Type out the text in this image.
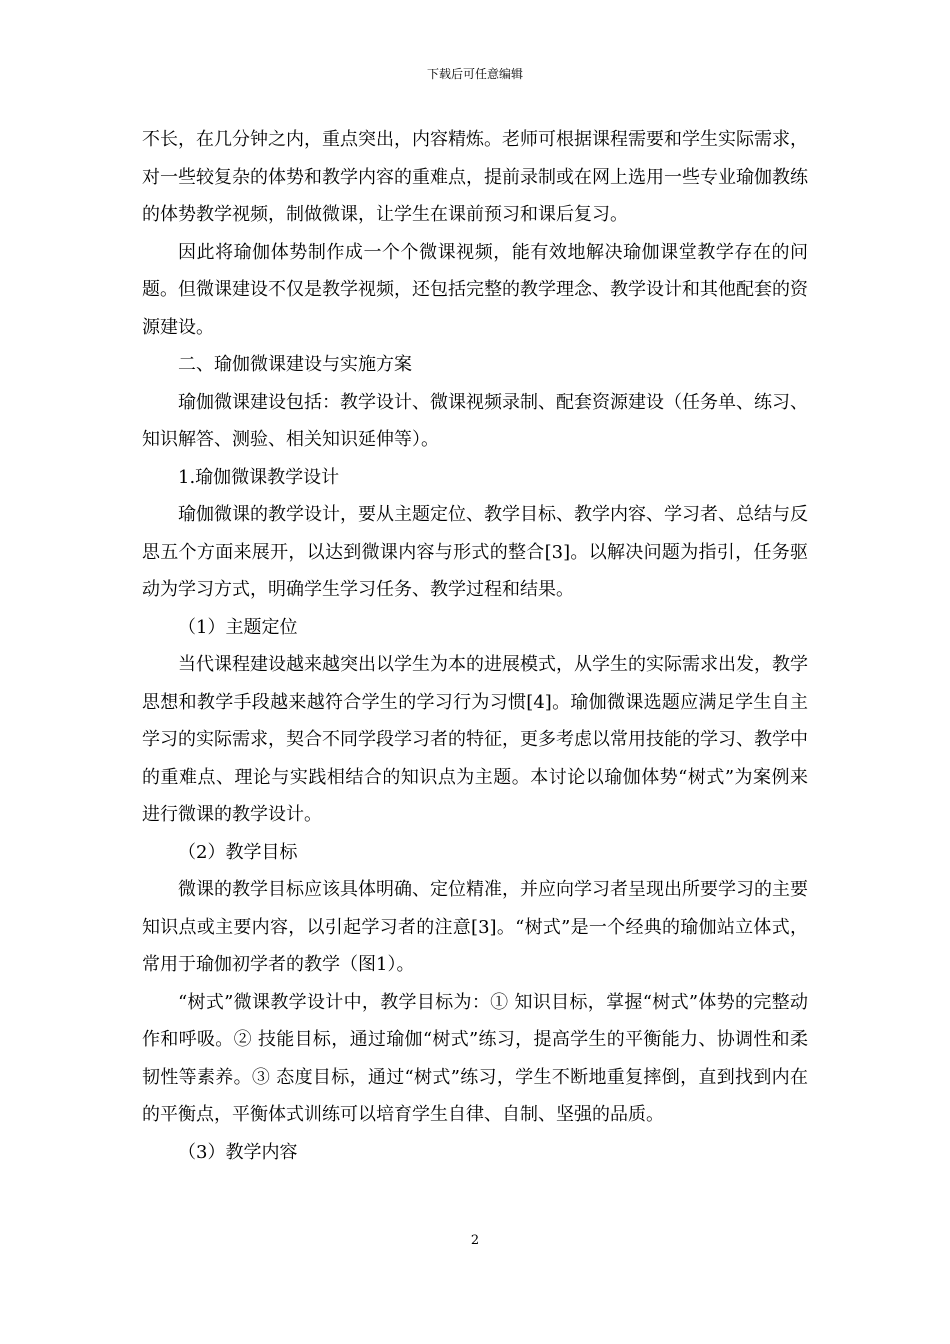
下载后可任意编辑

不长，在几分钟之内，重点突出，内容精炼。老师可根据课程需要和学生实际需求，对一些较复杂的体势和教学内容的重难点，提前录制或在网上选用一些专业瑜伽教练的体势教学视频，制做微课，让学生在课前预习和课后复习。

因此将瑜伽体势制作成一个个微课视频，能有效地解决瑜伽课堂教学存在的问题。但微课建设不仅是教学视频，还包括完整的教学理念、教学设计和其他配套的资源建设。

二、瑜伽微课建设与实施方案

瑜伽微课建设包括：教学设计、微课视频录制、配套资源建设（任务单、练习、知识解答、测验、相关知识延伸等）。

1.瑜伽微课教学设计

瑜伽微课的教学设计，要从主题定位、教学目标、教学内容、学习者、总结与反思五个方面来展开，以达到微课内容与形式的整合[3]。以解决问题为指引，任务驱动为学习方式，明确学生学习任务、教学过程和结果。

（1）主题定位

当代课程建设越来越突出以学生为本的进展模式，从学生的实际需求出发，教学思想和教学手段越来越符合学生的学习行为习惯[4]。瑜伽微课选题应满足学生自主学习的实际需求，契合不同学段学习者的特征，更多考虑以常用技能的学习、教学中的重难点、理论与实践相结合的知识点为主题。本讨论以瑜伽体势“树式”为案例来进行微课的教学设计。

（2）教学目标

微课的教学目标应该具体明确、定位精准，并应向学习者呈现出所要学习的主要知识点或主要内容，以引起学习者的注意[3]。“树式”是一个经典的瑜伽站立体式，常用于瑜伽初学者的教学（图1）。

“树式”微课教学设计中，教学目标为：① 知识目标，掌握“树式”体势的完整动作和呼吸。② 技能目标，通过瑜伽“树式”练习，提高学生的平衡能力、协调性和柔韧性等素养。③ 态度目标，通过“树式”练习，学生不断地重复摔倒，直到找到内在的平衡点，平衡体式训练可以培育学生自律、自制、坚强的品质。

（3）教学内容

2
